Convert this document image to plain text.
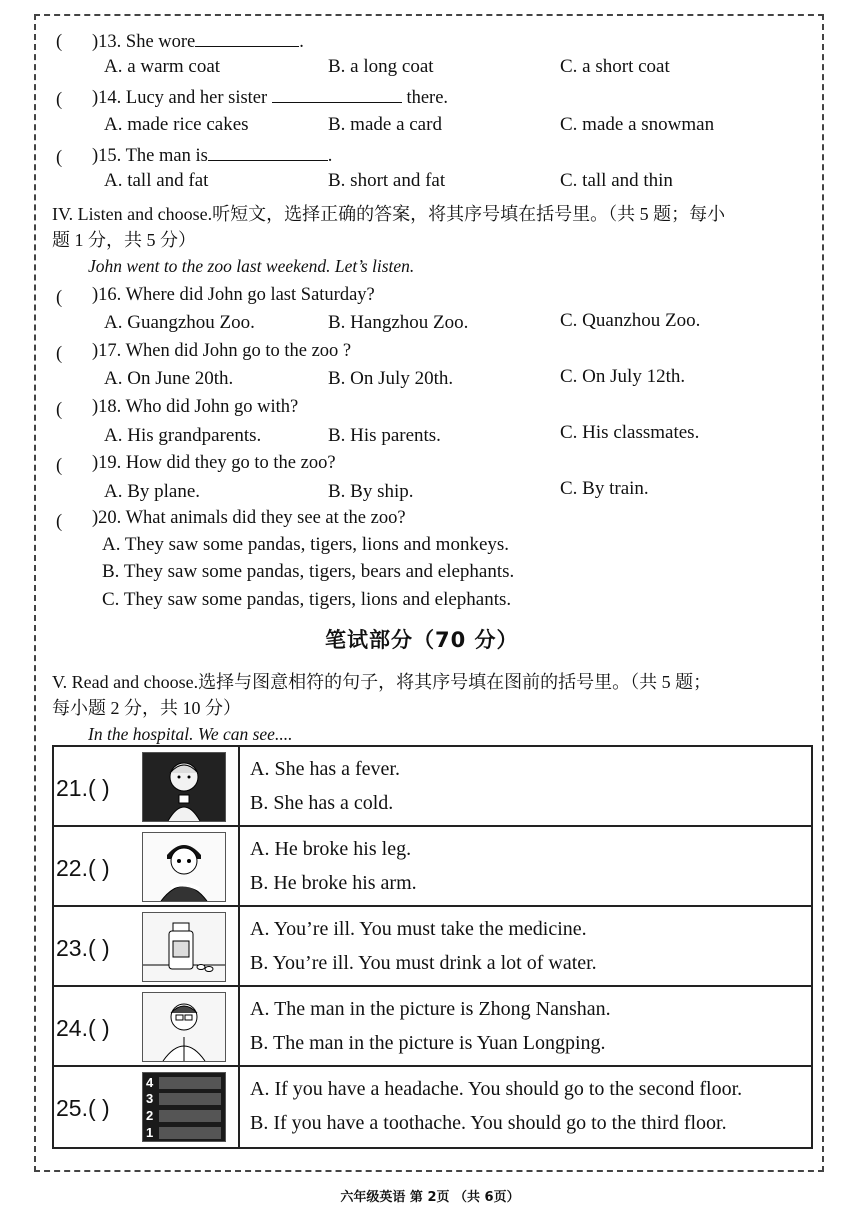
( )13. She wore	.
A. a warm coat	B. a long coat	C. a short coat
( )14. Lucy and her sister	there.
A. made rice cakes	B. made a card	C. made a snowman
( )15. The man is	.
A. tall and fat	B. short and fat	C. tall and thin
IV. Listen and choose.听短文，选择正确的答案，将其序号填在括号里。（共 5 题；每小
题 1 分，共 5 分）
John went to the zoo last weekend. Let’s listen.
( )16. Where did John go last Saturday?
A. Guangzhou Zoo.	B. Hangzhou Zoo.	C. Quanzhou Zoo.
( )17. When did John go to the zoo ?
A. On June 20th.	B. On July 20th.	C. On July 12th.
( )18. Who did John go with?
A. His grandparents.	B. His parents.	C. His classmates.
( )19. How did they go to the zoo?
A. By plane.	B. By ship.	C. By train.
( )20. What animals did they see at the zoo?
A. They saw some pandas, tigers, lions and monkeys.
B. They saw some pandas, tigers, bears and elephants.
C. They saw some pandas, tigers, lions and elephants.
笔试部分（70 分）
V. Read and choose.选择与图意相符的句子，将其序号填在图前的括号里。（共 5 题；
每小题 2 分，共 10 分）
In the hospital. We can see....
21.( )
A. She has a fever.
B. She has a cold.
22.( )
A. He broke his leg.
B. He broke his arm.
23.( )
A. You’re ill. You must take the medicine.
B. You’re ill. You must drink a lot of water.
24.( )
A. The man in the picture is Zhong Nanshan.
B. The man in the picture is Yuan Longping.
25.( )
4
3
2
1
A. If you have a headache. You should go to the second floor.
B. If you have a toothache. You should go to the third floor.
六年级英语 第 2页 （共 6页）
